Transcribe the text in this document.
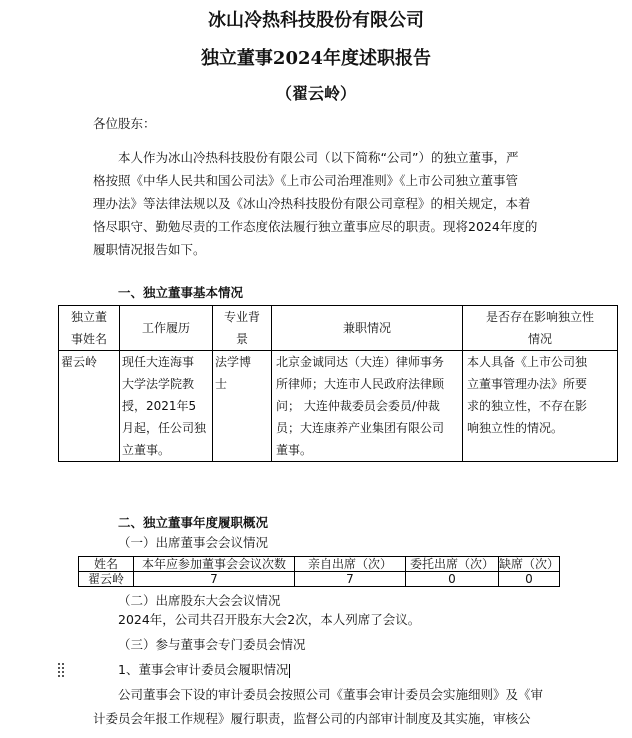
冰山冷热科技股份有限公司
独立董事2024年度述职报告
（翟云岭）
各位股东：
本人作为冰山冷热科技股份有限公司（以下简称“公司”）的独立董事，严
格按照《中华人民共和国公司法》《上市公司治理准则》《上市公司独立董事管
理办法》等法律法规以及《冰山冷热科技股份有限公司章程》的相关规定，本着
恪尽职守、勤勉尽责的工作态度依法履行独立董事应尽的职责。现将2024年度的
履职情况报告如下。
一、独立董事基本情况
独立董
事姓名	工作履历	专业背
景	兼职情况	是否存在影响独立性
情况
翟云岭	现任大连海事
大学法学院教
授，2021年5
月起，任公司独
立董事。	法学博
士	北京金诚同达（大连）律师事务
所律师；大连市人民政府法律顾
问； 大连仲裁委员会委员/仲裁
员；大连康养产业集团有限公司
董事。	本人具备《上市公司独
立董事管理办法》所要
求的独立性，不存在影
响独立性的情况。
二、独立董事年度履职概况
（一）出席董事会会议情况
姓名	本年应参加董事会会议次数	亲自出席（次）	委托出席（次）	缺席（次）
翟云岭	7	7	0	0
（二）出席股东大会会议情况
2024年，公司共召开股东大会2次，本人列席了会议。
（三）参与董事会专门委员会情况
1、董事会审计委员会履职情况
公司董事会下设的审计委员会按照公司《董事会审计委员会实施细则》及《审
计委员会年报工作规程》履行职责，监督公司的内部审计制度及其实施，审核公
